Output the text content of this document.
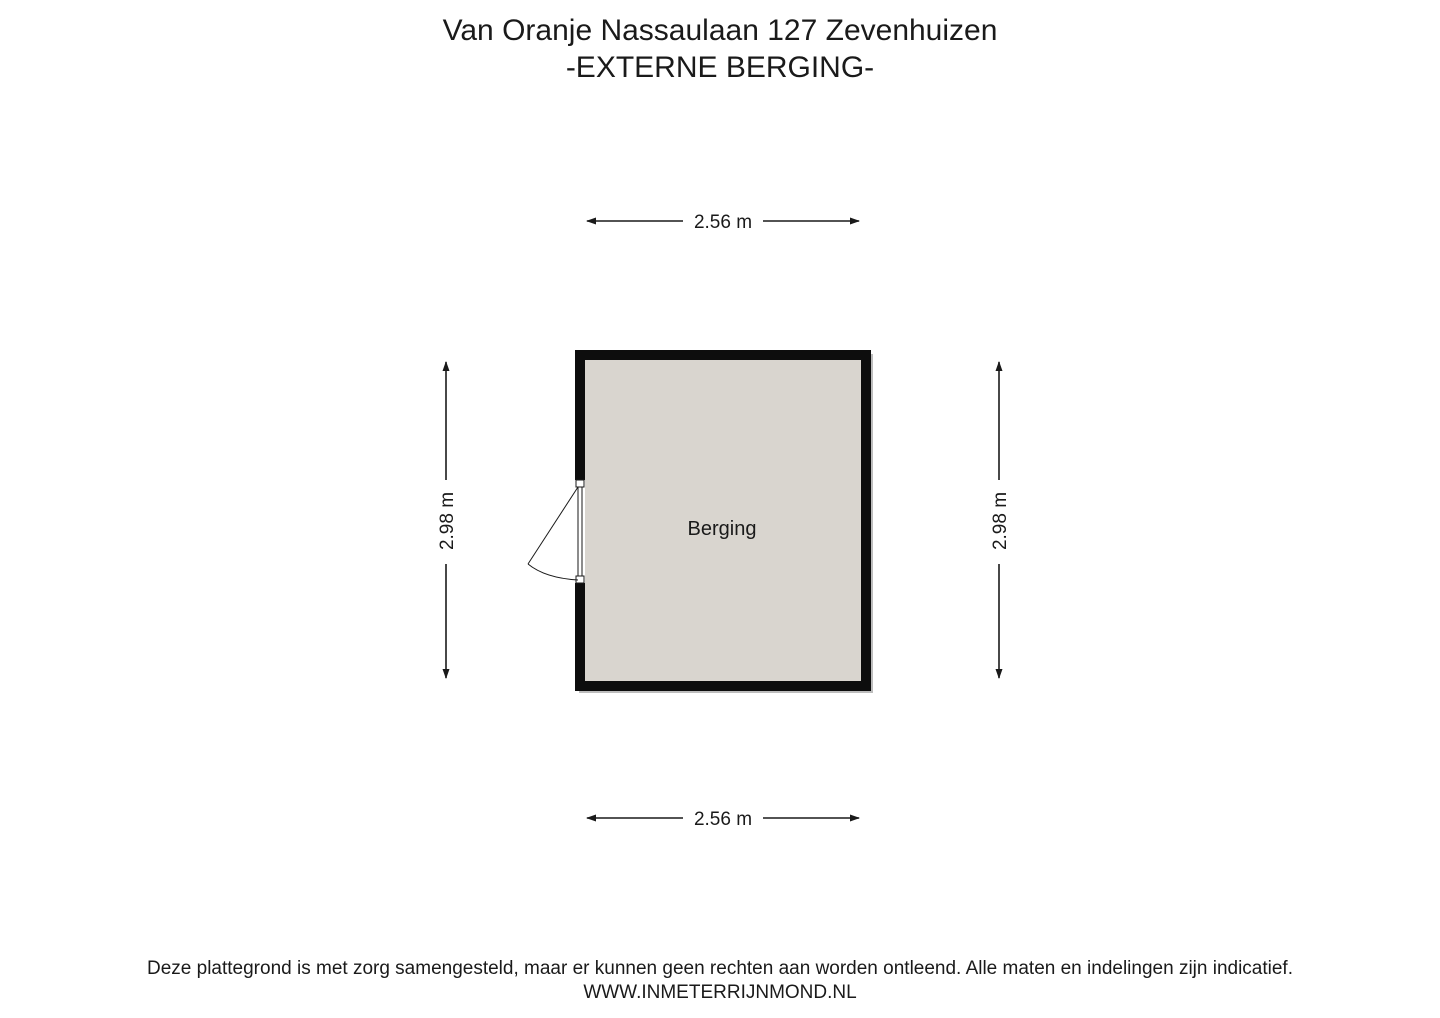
Van Oranje Nassaulaan 127 Zevenhuizen
-EXTERNE BERGING-
2.56 m
2.56 m
2.98 m	2.98 m
Berging
Deze plattegrond is met zorg samengesteld, maar er kunnen geen rechten aan worden ontleend. Alle maten en indelingen zijn indicatief.
WWW.INMETERRIJNMOND.NL
